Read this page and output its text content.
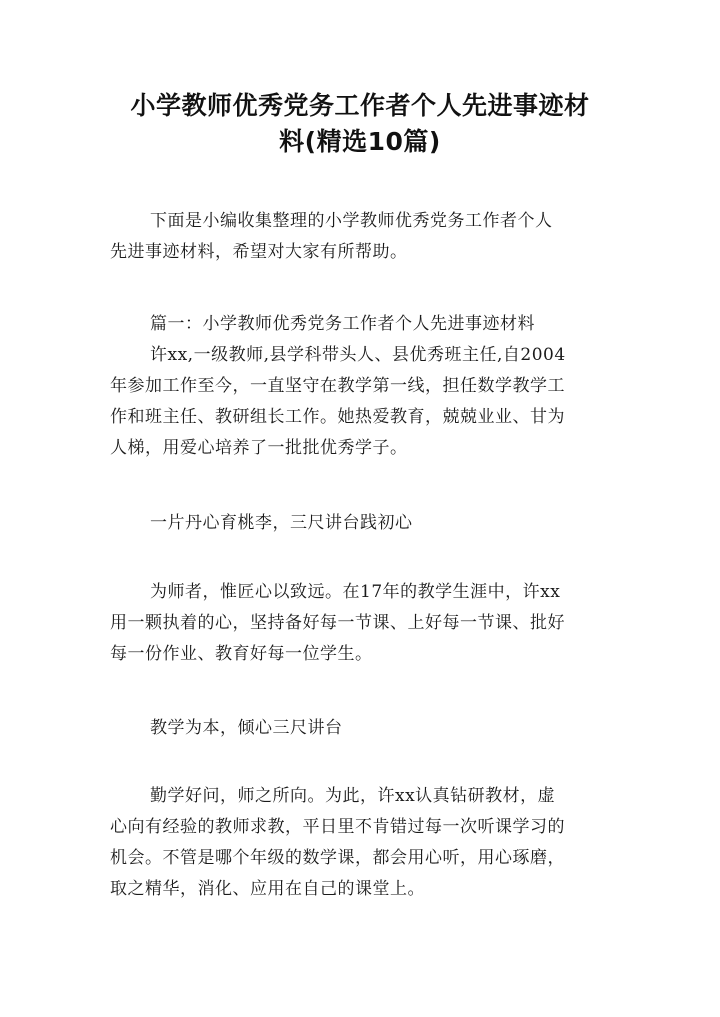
小学教师优秀党务工作者个人先进事迹材
料(精选10篇)
下面是小编收集整理的小学教师优秀党务工作者个人
先进事迹材料，希望对大家有所帮助。
篇一：小学教师优秀党务工作者个人先进事迹材料
许xx,一级教师,县学科带头人、县优秀班主任,自2004
年参加工作至今，一直坚守在教学第一线，担任数学教学工
作和班主任、教研组长工作。她热爱教育，兢兢业业、甘为
人梯，用爱心培养了一批批优秀学子。
一片丹心育桃李，三尺讲台践初心
为师者，惟匠心以致远。在17年的教学生涯中，许xx
用一颗执着的心，坚持备好每一节课、上好每一节课、批好
每一份作业、教育好每一位学生。
教学为本，倾心三尺讲台
勤学好问，师之所向。为此，许xx认真钻研教材，虚
心向有经验的教师求教，平日里不肯错过每一次听课学习的
机会。不管是哪个年级的数学课，都会用心听，用心琢磨，
取之精华，消化、应用在自己的课堂上。
